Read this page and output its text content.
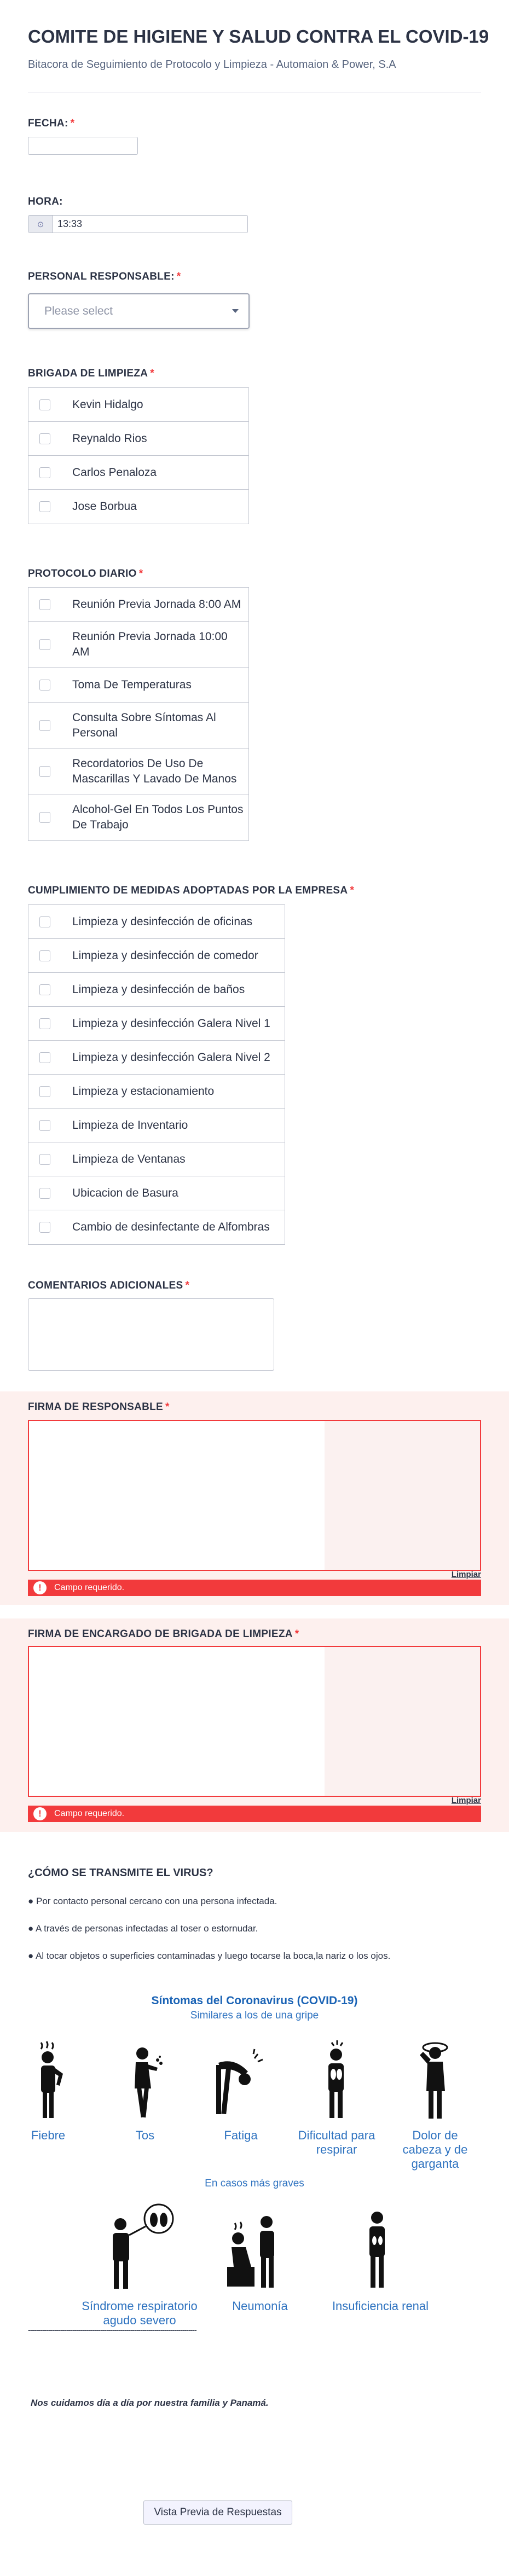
COMITE DE HIGIENE Y SALUD CONTRA EL COVID-19
Bitacora de Seguimiento de Protocolo y Limpieza - Automaion & Power, S.A
FECHA: *
HORA:
⊙	13:33
PERSONAL RESPONSABLE: *
Please select
BRIGADA DE LIMPIEZA *
Kevin Hidalgo
Reynaldo Rios
Carlos Penaloza
Jose Borbua
PROTOCOLO DIARIO *
Reunión Previa Jornada 8:00 AM
Reunión Previa Jornada 10:00 AM
Toma De Temperaturas
Consulta Sobre Síntomas Al Personal
Recordatorios De Uso De Mascarillas Y Lavado De Manos
Alcohol-Gel En Todos Los Puntos De Trabajo
CUMPLIMIENTO DE MEDIDAS ADOPTADAS POR LA EMPRESA *
Limpieza y desinfección de oficinas
Limpieza y desinfección de comedor
Limpieza y desinfección de baños
Limpieza y desinfección Galera Nivel 1
Limpieza y desinfección Galera Nivel 2
Limpieza y estacionamiento
Limpieza de Inventario
Limpieza de Ventanas
Ubicacion de Basura
Cambio de desinfectante de Alfombras
COMENTARIOS ADICIONALES *
FIRMA DE RESPONSABLE *
Limpiar
!	Campo requerido.
FIRMA DE ENCARGADO DE BRIGADA DE LIMPIEZA *
Limpiar
!	Campo requerido.
¿CÓMO SE TRANSMITE EL VIRUS?
● Por contacto personal cercano con una persona infectada.
● A través de personas infectadas al toser o estornudar.
● Al tocar objetos o superficies contaminadas y luego tocarse la boca,la nariz o los ojos.
Síntomas del Coronavirus (COVID-19)
Similares a los de una gripe
Fiebre	Tos	Fatiga	Dificultad para respirar
Dolor de cabeza y de garganta
En casos más graves
Síndrome respiratorio agudo severo
Neumonía	Insuficiencia renal
------------------------------------------------------------------------------------
Nos cuidamos día a día por nuestra familia y Panamá.
Vista Previa de Respuestas
